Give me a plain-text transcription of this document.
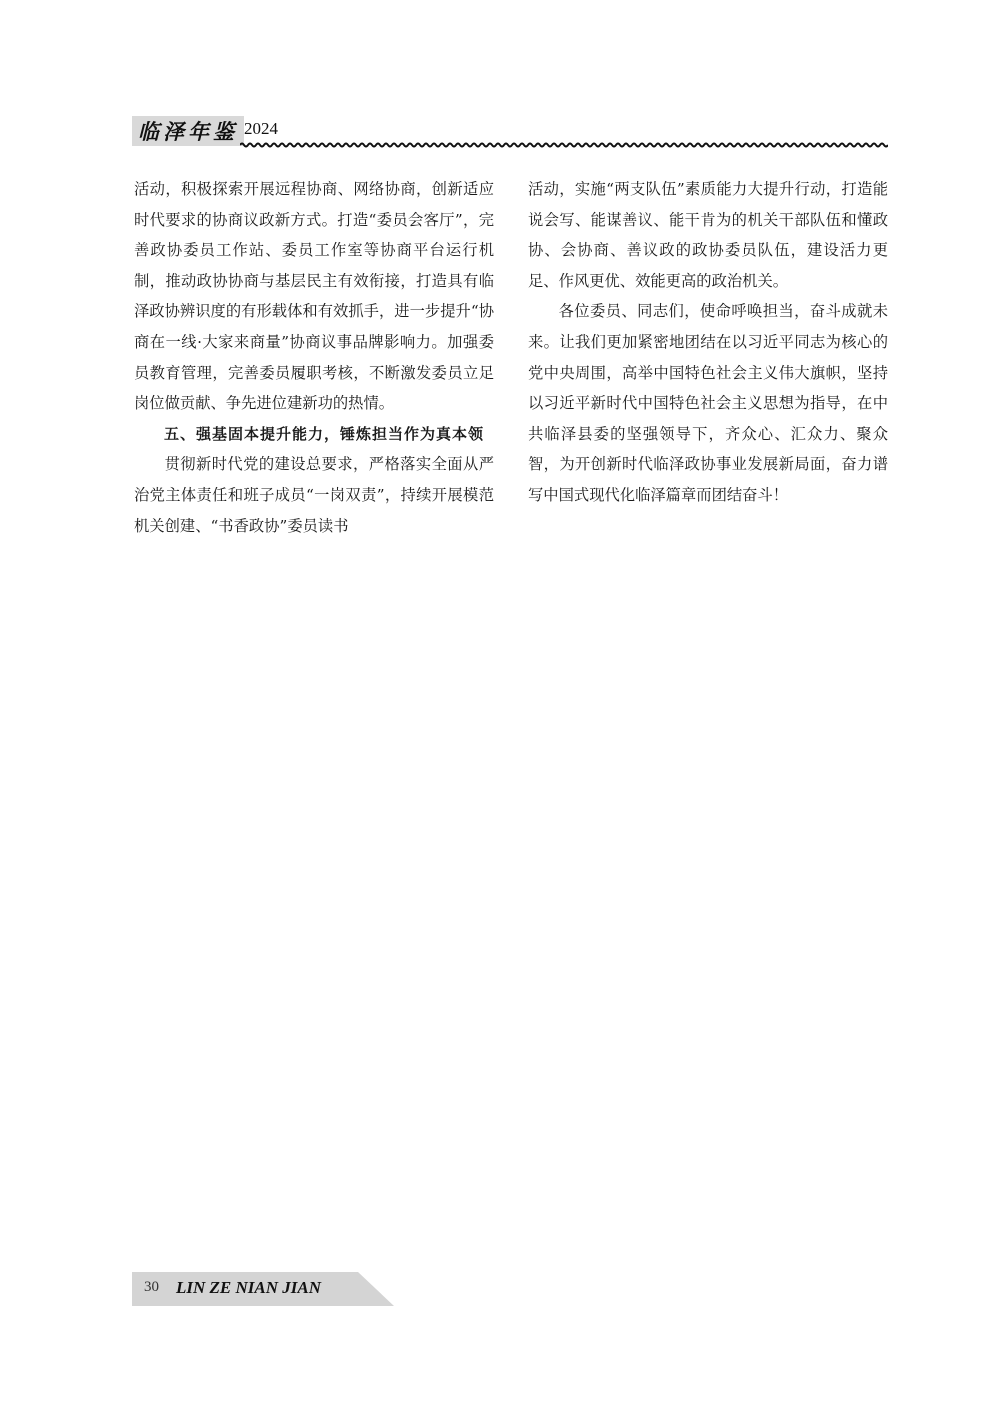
临泽年鉴 2024

活动，积极探索开展远程协商、网络协商，创新适应时代要求的协商议政新方式。打造“委员会客厅”，完善政协委员工作站、委员工作室等协商平台运行机制，推动政协协商与基层民主有效衔接，打造具有临泽政协辨识度的有形载体和有效抓手，进一步提升“协商在一线·大家来商量”协商议事品牌影响力。加强委员教育管理，完善委员履职考核，不断激发委员立足岗位做贡献、争先进位建新功的热情。

五、强基固本提升能力，锤炼担当作为真本领

贯彻新时代党的建设总要求，严格落实全面从严治党主体责任和班子成员“一岗双责”，持续开展模范机关创建、“书香政协”委员读书

活动，实施“两支队伍”素质能力大提升行动，打造能说会写、能谋善议、能干肯为的机关干部队伍和懂政协、会协商、善议政的政协委员队伍，建设活力更足、作风更优、效能更高的政治机关。

各位委员、同志们，使命呼唤担当，奋斗成就未来。让我们更加紧密地团结在以习近平同志为核心的党中央周围，高举中国特色社会主义伟大旗帜，坚持以习近平新时代中国特色社会主义思想为指导，在中共临泽县委的坚强领导下，齐众心、汇众力、聚众智，为开创新时代临泽政协事业发展新局面，奋力谱写中国式现代化临泽篇章而团结奋斗！

30 LIN ZE NIAN JIAN
